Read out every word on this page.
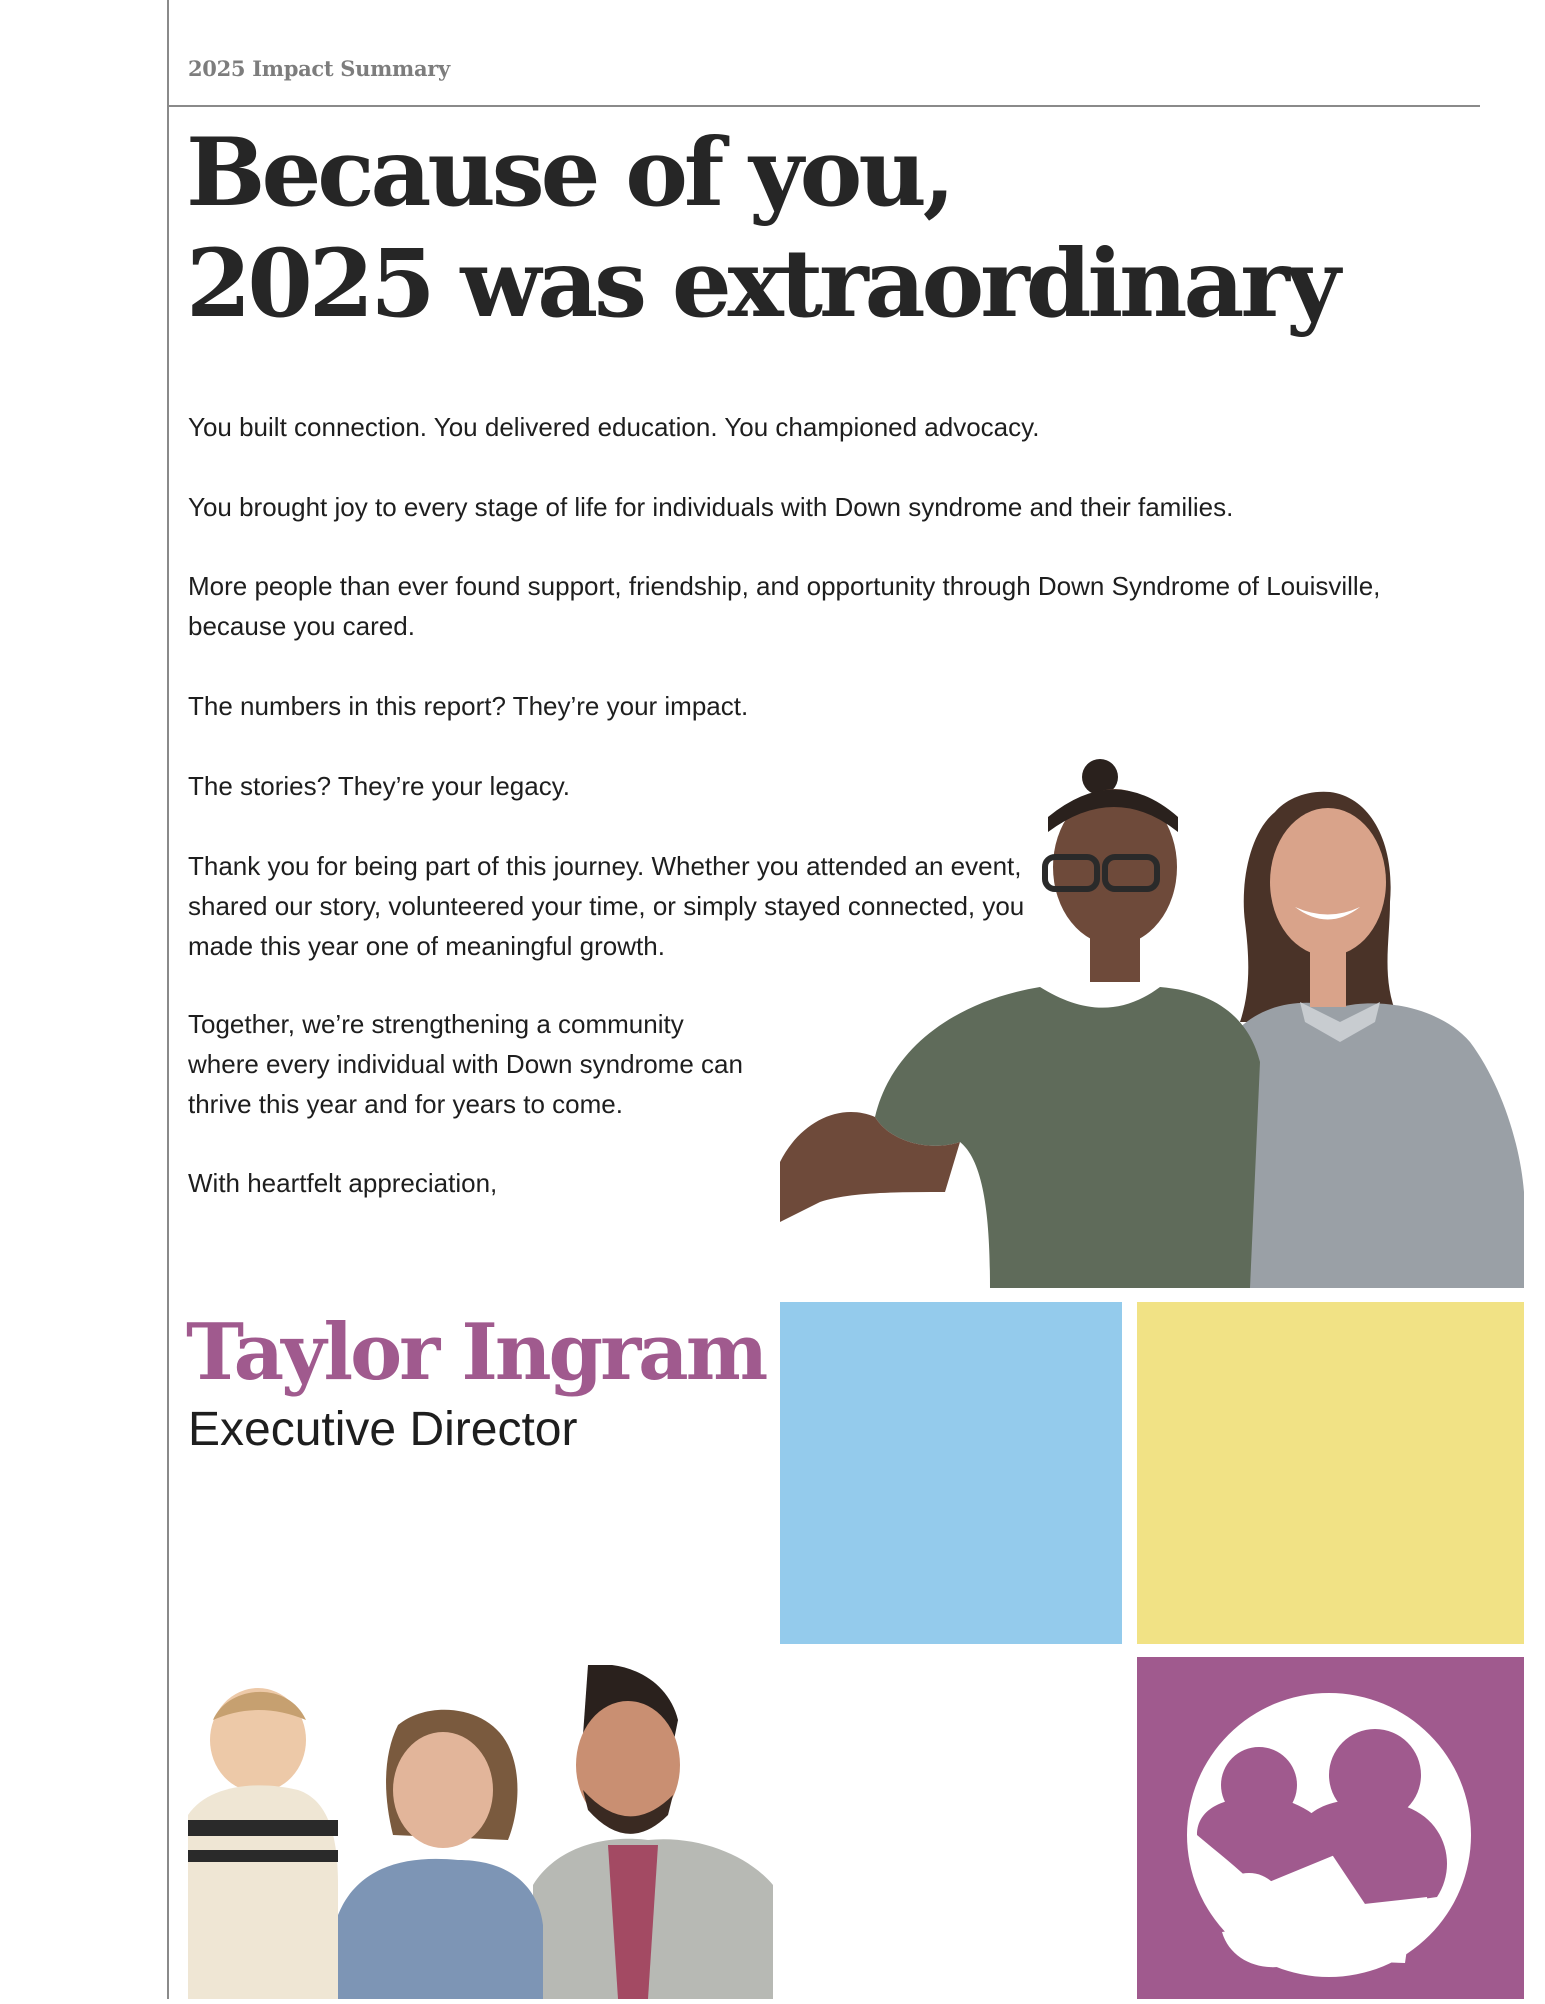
2025 Impact Summary
Because of you,
2025 was extraordinary

You built connection. You delivered education. You championed advocacy.

You brought joy to every stage of life for individuals with Down syndrome and their families.

More people than ever found support, friendship, and opportunity through Down Syndrome of Louisville, because you cared.

The numbers in this report? They’re your impact.

The stories? They’re your legacy.

Thank you for being part of this journey. Whether you attended an event, shared our story, volunteered your time, or simply stayed connected, you made this year one of meaningful growth.

Together, we’re strengthening a community where every individual with Down syndrome can thrive this year and for years to come.

With heartfelt appreciation,

Taylor Ingram
Executive Director
